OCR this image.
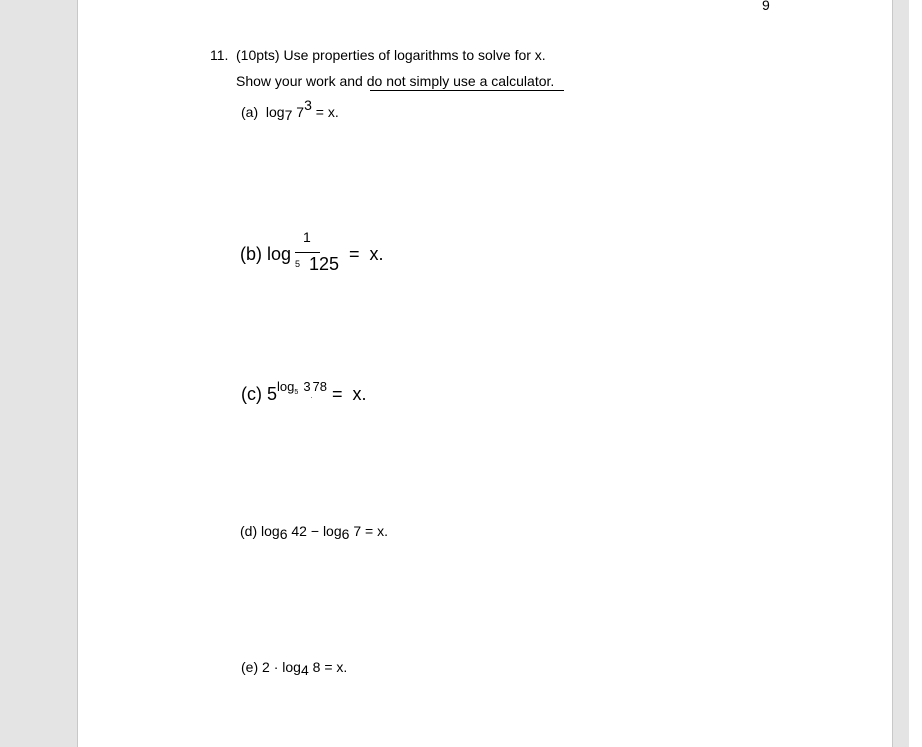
9
11. (10pts) Use properties of logarithms to solve for x.
Show your work and do not simply use a calculator.
(a) log7 73 = x.
(b) log 5
1
125 =  x.
(c) $5^{log5}$ $^3$.$^{78}$ =  x.
(d) log6 42 − log6 7 = x.
(e) 2 · log4 8 = x.
